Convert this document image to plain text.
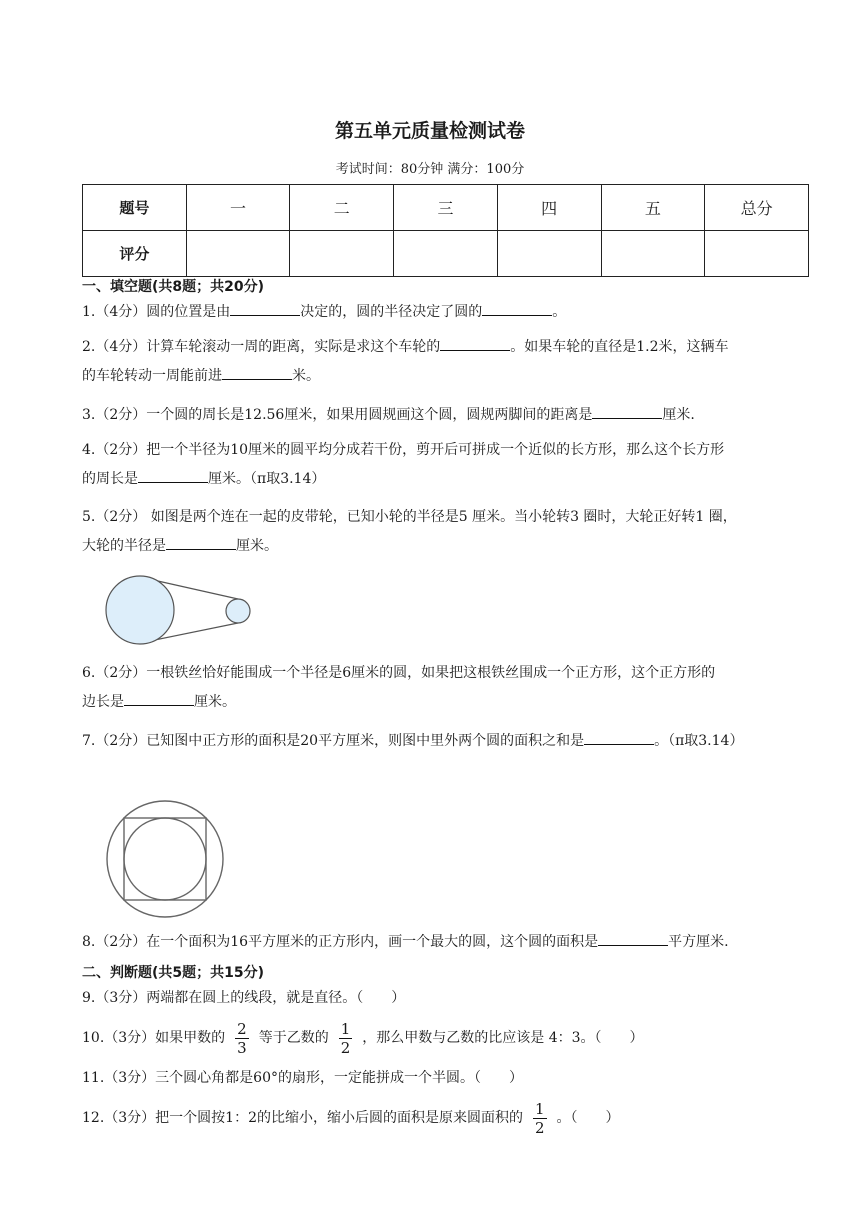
第五单元质量检测试卷
考试时间：80分钟 满分：100分
题号	一	二	三	四	五	总分
评分						
一、填空题(共8题；共20分)
1.（4分）圆的位置是由	决定的，圆的半径决定了圆的	。
2.（4分）计算车轮滚动一周的距离，实际是求这个车轮的	。如果车轮的直径是1.2米，这辆车
的车轮转动一周能前进	米。
3.（2分）一个圆的周长是12.56厘米，如果用圆规画这个圆，圆规两脚间的距离是	厘米.
4.（2分）把一个半径为10厘米的圆平均分成若干份，剪开后可拼成一个近似的长方形，那么这个长方形
的周长是	厘米。（π取3.14）
5.（2分） 如图是两个连在一起的皮带轮，已知小轮的半径是5 厘米。当小轮转3 圈时，大轮正好转1 圈，
大轮的半径是	厘米。
6.（2分）一根铁丝恰好能围成一个半径是6厘米的圆，如果把这根铁丝围成一个正方形，这个正方形的
边长是	厘米。
7.（2分）已知图中正方形的面积是20平方厘米，则图中里外两个圆的面积之和是	。（π取3.14）
8.（2分）在一个面积为16平方厘米的正方形内，画一个最大的圆，这个圆的面积是	平方厘米.
二、判断题(共5题；共15分)
9.（3分）两端都在圆上的线段，就是直径。（　　）
10.（3分）如果甲数的 $\frac{2}{3}$ 等于乙数的 $\frac{1}{2}$ ，那么甲数与乙数的比应该是 4：3。（　　）
11.（3分）三个圆心角都是60°的扇形，一定能拼成一个半圆。（　　）
12.（3分）把一个圆按1：2的比缩小，缩小后圆的面积是原来圆面积的 $\frac{1}{2}$ 。（　　）
